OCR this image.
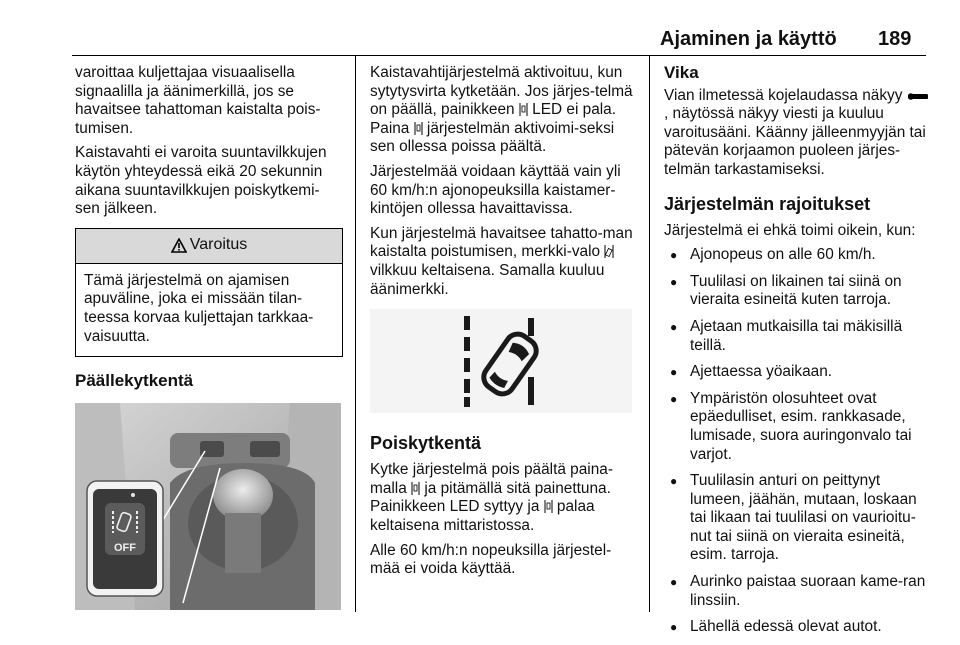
Ajaminen ja käyttö 189

varoittaa kuljettajaa visuaalisella signaalilla ja äänimerkillä, jos se havaitsee tahattoman kaistalta pois-tumisen.

Kaistavahti ei varoita suuntavilkkujen käytön yhteydessä eikä 20 sekunnin aikana suuntavilkkujen poiskytkemi-sen jälkeen.

Varoitus
Tämä järjestelmä on ajamisen apuväline, joka ei missään tilan-teessa korvaa kuljettajan tarkkaa-vaisuutta.
Päällekytkentä
OFF

Kaistavahtijärjestelmä aktivoituu, kun sytytysvirta kytketään. Jos järjes-telmä on päällä, painikkeen  LED ei pala. Paina  järjestelmän aktivoimi-seksi sen ollessa poissa päältä.

Järjestelmää voidaan käyttää vain yli 60 km/h:n ajonopeuksilla kaistamer-kintöjen ollessa havaittavissa.

Kun järjestelmä havaitsee tahatto-man kaistalta poistumisen, merkki-valo  vilkkuu keltaisena. Samalla kuuluu äänimerkki.

Poiskytkentä

Kytke järjestelmä pois päältä paina-malla  ja pitämällä sitä painettuna. Painikkeen LED syttyy ja  palaa keltaisena mittaristossa.

Alle 60 km/h:n nopeuksilla järjestel-mää ei voida käyttää.

Vika

Vian ilmetessä kojelaudassa näkyy , näytössä näkyy viesti ja kuuluu varoitusääni. Käänny jälleenmyyjän tai pätevän korjaamon puoleen järjes-telmän tarkastamiseksi.

Järjestelmän rajoitukset

Järjestelmä ei ehkä toimi oikein, kun:

● Ajonopeus on alle 60 km/h.
● Tuulilasi on likainen tai siinä on vieraita esineitä kuten tarroja.
● Ajetaan mutkaisilla tai mäkisillä teillä.
● Ajettaessa yöaikaan.
● Ympäristön olosuhteet ovat epäedulliset, esim. rankkasade, lumisade, suora auringonvalo tai varjot.
● Tuulilasin anturi on peittynyt lumeen, jäähän, mutaan, loskaan tai likaan tai tuulilasi on vaurioitu-nut tai siinä on vieraita esineitä, esim. tarroja.
● Aurinko paistaa suoraan kame-ran linssiin.
● Lähellä edessä olevat autot.
